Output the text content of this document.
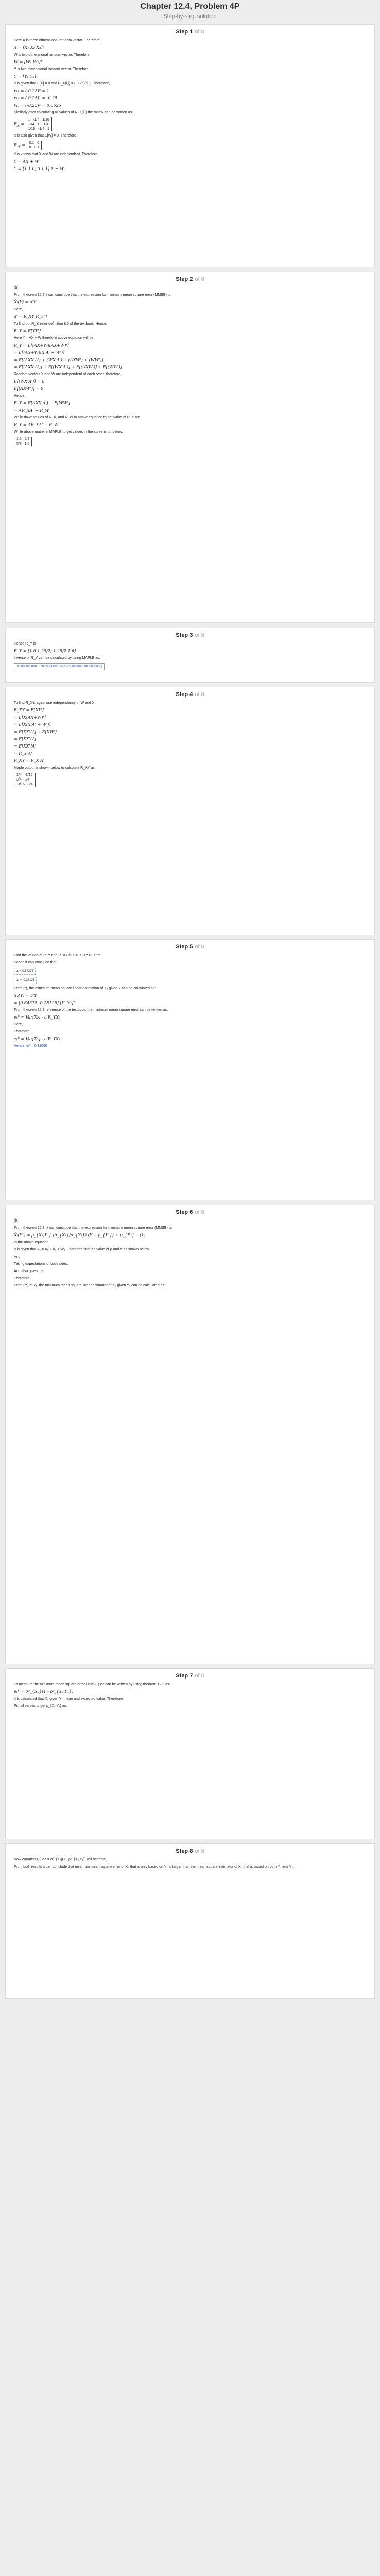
Chapter 12.4, Problem 4P
Step-by-step solution
Step 1 of 8
Here X is three-dimensional random vector. Therefore,
X = [X₁ X₂ X₃]ᵀ
W is two-dimensional random vector. Therefore,
W = [W₁ W₂]ᵀ
Y is two-dimensional random vector. Therefore,
Y = [Y₁ Y₂]ᵀ
It is given that E[X] = 0 and R_X(i,j) = (-0.25)^|i-j|. Therefore,
r₁₁ = (-0.25)⁰ = 1
r₁₂ = (-0.25)¹ = -0.25
r₁₃ = (-0.25)² = 0.0625
Similarly after calculating all values of R_X(i,j) the matrix can be written as:
$R_X$ =
1 -1/4 1/16
-1/4 1 -1/4
1/16 -1/4 1
It is also given that E[W] = 0. Therefore,
$R_W = 0.1$ 0
0 0.1
It is known that X and W are independent. Therefore,
Y = AX + W
Y = [1 1 0; 0 1 1] X + W
Step 2 of 8
(a)
From theorem 12.7 it can conclude that the expression for minimum mean square error (MMSE) is
X̂ₗ(Y) = a'Y
Here,
a' = R_XY R_Y⁻¹
To find out R_Y, refer definition 8.5 of the textbook. Hence,
R_Y = E[YY']
Here Y = AX + W therefore above equation will be:
R_Y = E[(AX+W)(AX+W)']
= E[(AX+W)(X'A' + W')]
= E[(AXX'A') + (WX'A') + (AXW') + (WW')]
= E[(AXX'A')] + E[(WX'A')] + E[(AXW')] + E[(WW')]
Random vectors X and W are independent of each other; therefore,
E[(WX'A')] = 0
E[(AXW')] = 0
Hence,
R_Y = E[AXX'A'] + E[WW']
= AR_XA' + R_W
While down values of R_X, and R_W in above equation to get value of R_Y as:
R_Y = AR_XA' + R_W
While above matrix in MAPLE to get values in the screenshot below:
1.6 5/8
5/8 1.6
Step 3 of 8
Hence R_Y is
R_Y = [1.6 1.25/2; 1.25/2 1.6]
Inverse of R_Y can be calculated by using MAPLE as:
[0.8000000000 -0.3125000000; -0.3125000000 0.8000000000]
Step 4 of 8
To find R_XY, again use independency of W and X.
R_XY = E[XY']
= E[X(AX+W)']
= E[X(X'A' + W')]
= E[XX'A'] + E[XW']
= E[XX'A']
= E[XX']A'
= R_X A'
R_XY = R_X A'
Maple output is shown below to calculate R_XY as:
3/4 -3/16
3/4 3/4
-3/16 3/4
Step 5 of 8
Find the values of R_Y and R_XY in a = R_XY R_Y⁻¹:
Hence it can conclude that:
a₁ = 0.64375
a₂ = -0.28125
From (*), the minimum mean square linear estimation of X₂ given Y can be calculated as:
X̂₂(Y) = a'Y
= [0.64375 -0.28125] [Y₁ Y₂]ᵀ
From theorem 12.7 reference of the textbook, the minimum mean square error can be written as:
eₗ* = Var[X₂] - a'R_YX₂
Here,
Therefore,
eₗ* = Var[X₂] - a'R_YX₂
Hence, eₗ* = 0.11000
Step 6 of 8
(b)
From theorem 12.3, it can conclude that the expression for minimum mean square error (MMSE) is:
X̂ₗ(Y₁) = ρ_{X₂,Y₁} (σ_{X₂}/σ_{Y₁}) (Y₁ - μ_{Y₁}) + μ_{X₂} ...(1)
In the above equation,
It is given that Y₁ = X₁ + X₂ + W₁. Therefore find the value of ρ and σ as shown below.
And,
Taking expectations of both sides.
And also given that:
Therefore,
From (**) of Y₁, the minimum mean square linear estimator of X₂ given Y₁ can be calculated as:
Step 7 of 8
To measure the minimum mean square error (MMSE) eₗ* can be written by using theorem 12.3 as:
eₗ* = σ²_{X₂}(1 - ρ²_{X₂,Y₁})
It is calculated that X₂ given Y₁ mean and expected value. Therefore,
Put all values to get ρ_{X₂,Y₁} as:
Step 8 of 8
Now equation (2) eₗ* = σ²_{X₂}(1 - ρ²_{X₂,Y₁}) will become,
From both results it can conclude that minimum mean square error of X₂ that is only based on Y₁ is larger than the mean square estimator of X₂ that is based on both Y₁ and Y₂.
